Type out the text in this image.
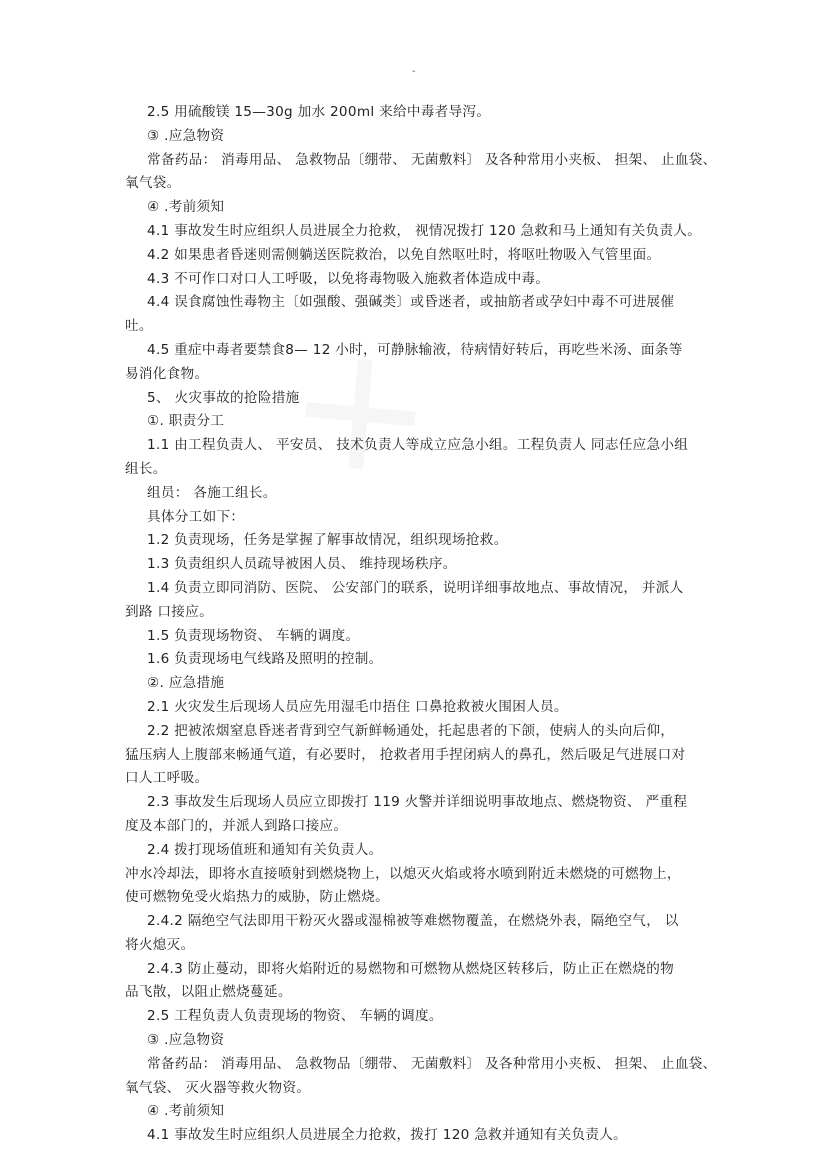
-
2.5 用硫酸镁 15—30g 加水 200ml 来给中毒者导泻。
③ .应急物资
常备药品： 消毒用品、 急救物品〔绷带、 无菌敷料〕 及各种常用小夹板、 担架、 止血袋、
氧气袋。
④ .考前须知
4.1 事故发生时应组织人员进展全力抢救， 视情况拨打 120 急救和马上通知有关负责人。
4.2 如果患者昏迷则需侧躺送医院救治，以免自然呕吐时，将呕吐物吸入气管里面。
4.3 不可作口对口人工呼吸，以免将毒物吸入施救者体造成中毒。
4.4 误食腐蚀性毒物主〔如强酸、强碱类〕或昏迷者，或抽筋者或孕妇中毒不可进展催
吐。
4.5 重症中毒者要禁食8— 12 小时，可静脉输液，待病情好转后，再吃些米汤、面条等
易消化食物。
5、 火灾事故的抢险措施
①. 职责分工
1.1 由工程负责人、 平安员、 技术负责人等成立应急小组。工程负责人 同志任应急小组
组长。
组员： 各施工组长。
具体分工如下：
1.2 负责现场，任务是掌握了解事故情况，组织现场抢救。
1.3 负责组织人员疏导被困人员、 维持现场秩序。
1.4 负责立即同消防、医院、 公安部门的联系，说明详细事故地点、事故情况， 并派人
到路 口接应。
1.5 负责现场物资、 车辆的调度。
1.6 负责现场电气线路及照明的控制。
②. 应急措施
2.1 火灾发生后现场人员应先用湿毛巾捂住 口鼻抢救被火围困人员。
2.2 把被浓烟窒息昏迷者背到空气新鲜畅通处，托起患者的下颌，使病人的头向后仰，
猛压病人上腹部来畅通气道，有必要时， 抢救者用手捏闭病人的鼻孔，然后吸足气进展口对
口人工呼吸。
2.3 事故发生后现场人员应立即拨打 119 火警并详细说明事故地点、燃烧物资、 严重程
度及本部门的，并派人到路口接应。
2.4 拨打现场值班和通知有关负责人。
冲水冷却法，即将水直接喷射到燃烧物上，以熄灭火焰或将水喷到附近未燃烧的可燃物上，
使可燃物免受火焰热力的威胁，防止燃烧。
2.4.2 隔绝空气法即用干粉灭火器或湿棉被等难燃物覆盖，在燃烧外表，隔绝空气， 以
将火熄灭。
2.4.3 防止蔓动，即将火焰附近的易燃物和可燃物从燃烧区转移后，防止正在燃烧的物
品飞散，以阻止燃烧蔓延。
2.5 工程负责人负责现场的物资、 车辆的调度。
③ .应急物资
常备药品： 消毒用品、 急救物品〔绷带、 无菌敷料〕 及各种常用小夹板、 担架、 止血袋、
氧气袋、 灭火器等救火物资。
④ .考前须知
4.1 事故发生时应组织人员进展全力抢救，拨打 120 急救并通知有关负责人。
